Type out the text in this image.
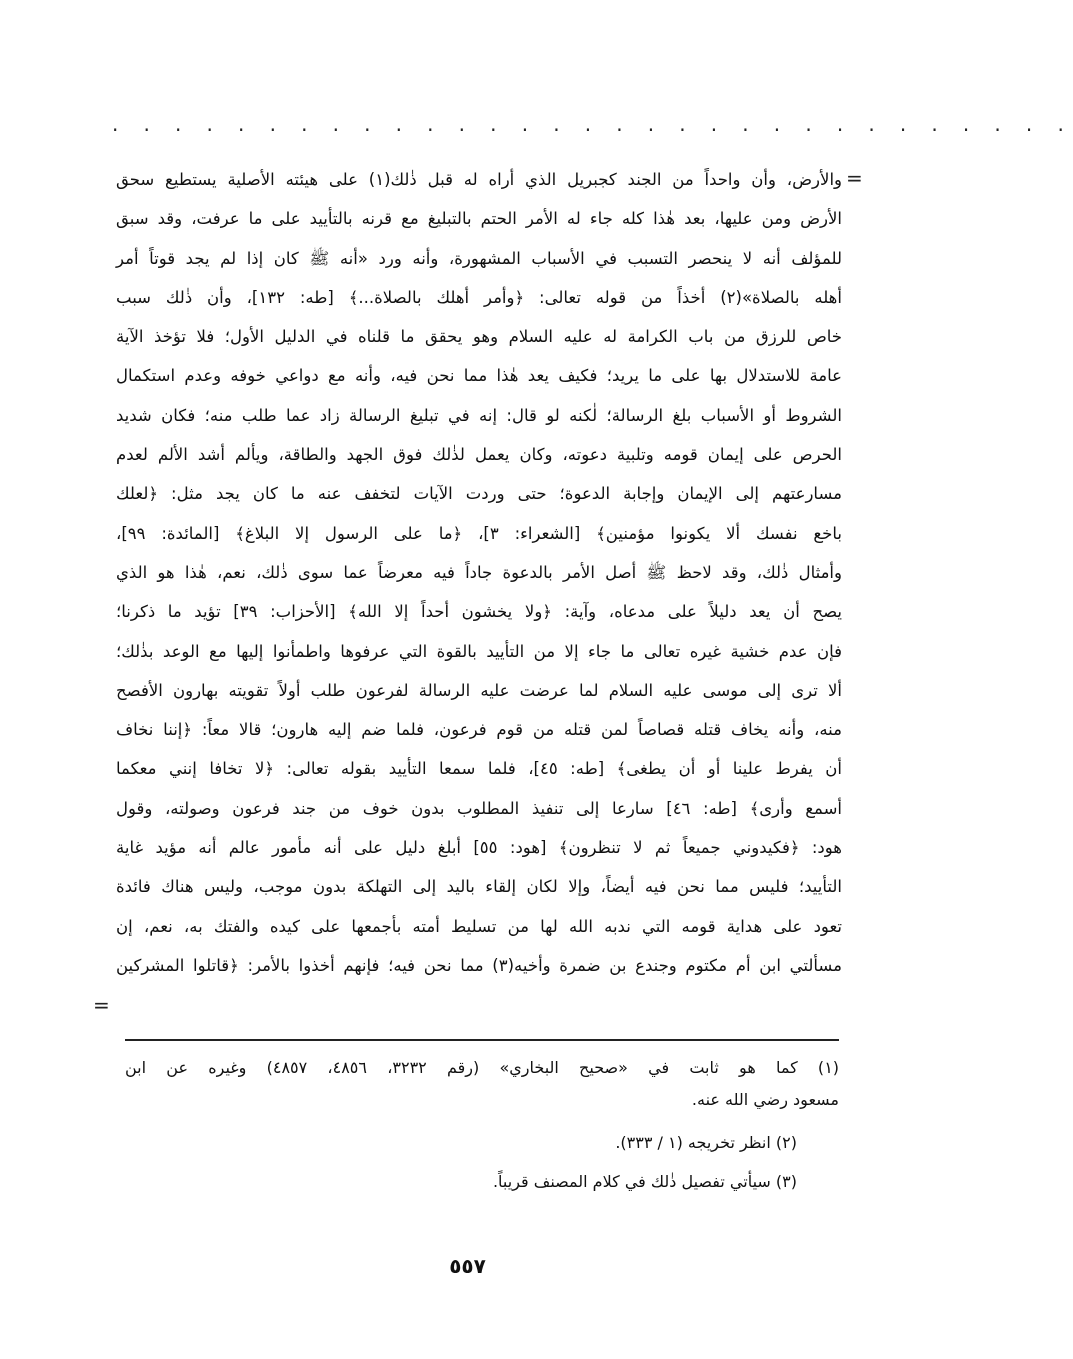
. . . . . . . . . . . . . . . . . . . . . . . . . . . . . . .
=
=
والأرض، وأن واحداً من الجند كجبريل الذي أراه له قبل ذٰلك(١) على هيئته الأصلية يستطيع سحق
الأرض ومن عليها، بعد هٰذا كله جاء له الأمر الحتم بالتبليغ مع قرنه بالتأييد على ما عرفت، وقد سبق
للمؤلف أنه لا ينحصر التسبب في الأسباب المشهورة، وأنه ورد «أنه ﷺ كان إذا لم يجد قوتاً أمر
أهله بالصلاة»(٢) أخذاً من قوله تعالى: ﴿وأمر أهلك بالصلاة...﴾ [طه: ١٣٢]، وأن ذٰلك سبب
خاص للرزق من باب الكرامة له عليه السلام وهو يحقق ما قلناه في الدليل الأول؛ فلا تؤخذ الآية
عامة للاستدلال بها على ما يريد؛ فكيف يعد هٰذا مما نحن فيه، وأنه مع دواعي خوفه وعدم استكمال
الشروط أو الأسباب بلغ الرسالة؛ لٰكنه لو قال: إنه في تبليغ الرسالة زاد عما طلب منه؛ فكان شديد
الحرص على إيمان قومه وتلبية دعوته، وكان يعمل لذٰلك فوق الجهد والطاقة، ويألم أشد الألم لعدم
مسارعتهم إلى الإيمان وإجابة الدعوة؛ حتى وردت الآيات لتخفف عنه ما كان يجد مثل: ﴿لعلك
باخع نفسك ألا يكونوا مؤمنين﴾ [الشعراء: ٣]، ﴿ما على الرسول إلا البلاغ﴾ [المائدة: ٩٩]،
وأمثال ذٰلك، وقد لاحظ ﷺ أصل الأمر بالدعوة جاداً فيه معرضاً عما سوى ذٰلك، نعم، هٰذا هو الذي
يصح أن يعد دليلاً على مدعاه، وآية: ﴿ولا يخشون أحداً إلا الله﴾ [الأحزاب: ٣٩] تؤيد ما ذكرنا؛
فإن عدم خشية غيره تعالى ما جاء إلا من التأييد بالقوة التي عرفوها واطمأنوا إليها مع الوعد بذٰلك؛
ألا ترى إلى موسى عليه السلام لما عرضت عليه الرسالة لفرعون طلب أولاً تقويته بهارون الأفصح
منه، وأنه يخاف قتله قصاصاً لمن قتله من قوم فرعون، فلما ضم إليه هارون؛ قالا معاً: ﴿إننا نخاف
أن يفرط علينا أو أن يطغى﴾ [طه: ٤٥]، فلما سمعا التأييد بقوله تعالى: ﴿لا تخافا إنني معكما
أسمع وأرى﴾ [طه: ٤٦] سارعا إلى تنفيذ المطلوب بدون خوف من جند فرعون وصولته، وقول
هود: ﴿فكيدوني جميعاً ثم لا تنظرون﴾ [هود: ٥٥] أبلغ دليل على أنه مأمور عالم أنه مؤيد غاية
التأييد؛ فليس مما نحن فيه أيضاً، وإلا لكان إلقاء باليد إلى التهلكة بدون موجب، وليس هناك فائدة
تعود على هداية قومه التي ندبه الله لها من تسليط أمته بأجمعها على كيده والفتك به، نعم، إن
مسألتي ابن أم مكتوم وجندع بن ضمرة وأخيه(٣) مما نحن فيه؛ فإنهم أخذوا بالأمر: ﴿قاتلوا المشركين
(١) كما هو ثابت في «صحيح البخاري» (رقم ٣٢٣٢، ٤٨٥٦، ٤٨٥٧) وغيره عن ابن
مسعود رضي الله عنه.
(٢) انظر تخريجه (١ / ٣٣٣).
(٣) سيأتي تفصيل ذٰلك في كلام المصنف قريباً.
٥٥٧
